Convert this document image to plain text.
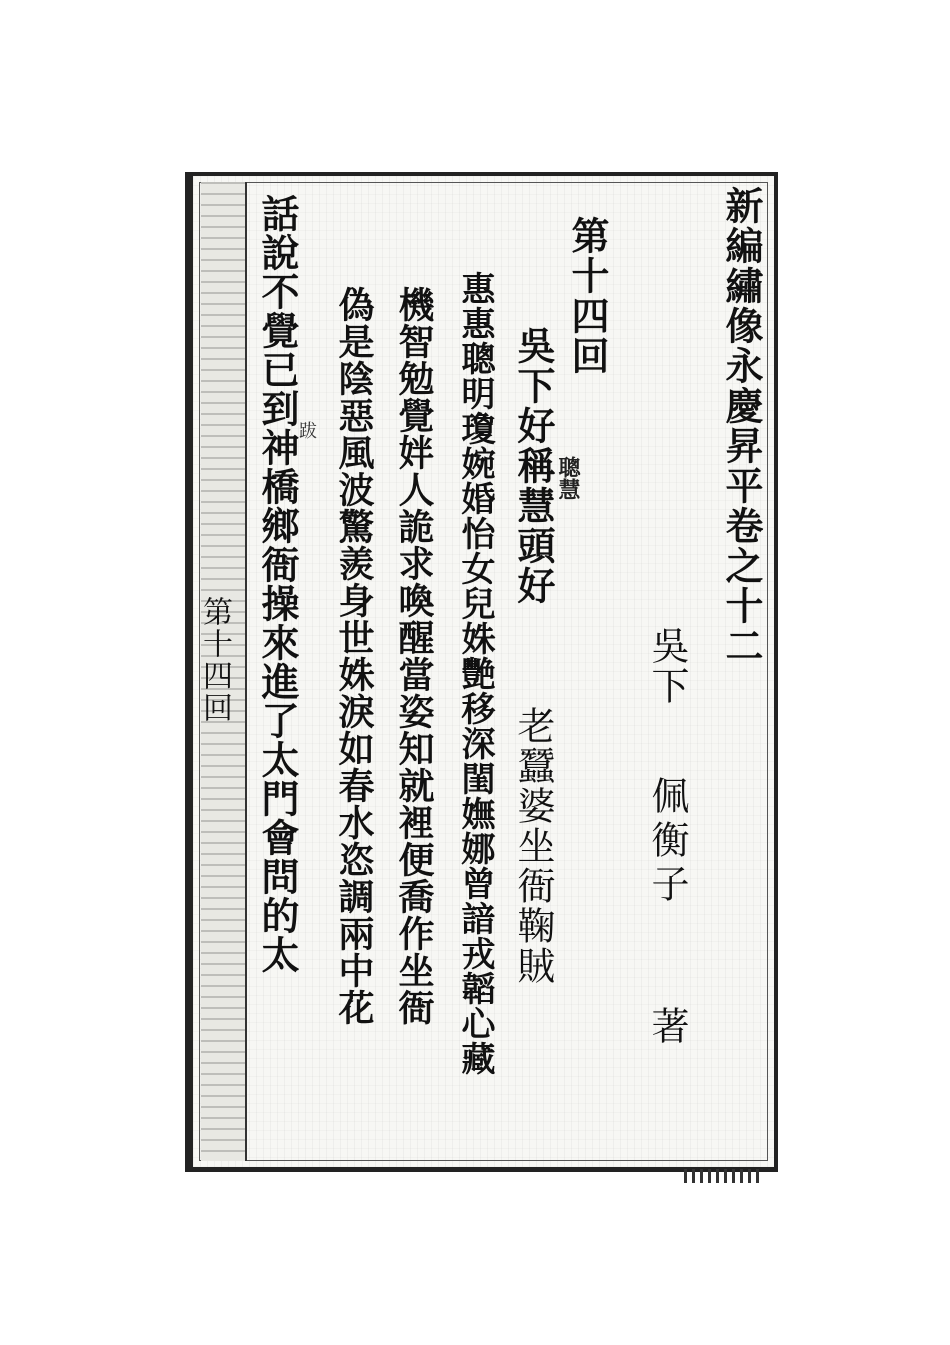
新編繡像永慶昇平卷之十二
吳下
佩衡子
著
第十四回
吳下好稱慧頭好
老蠶婆坐衙鞠賊
聰慧
惠惠聰明瓊婉婚怡女兒姝艷移深閨嫵娜曾諳戎韜心藏
機智勉覺姅人詭求喚醒當姿知就裡便喬作坐衙
偽是陰惡風波驚羨身世姝淚如春水恣調兩中花
跋
話說不覺已到神橋鄉衙操來進了太門會問的太
第十四回
